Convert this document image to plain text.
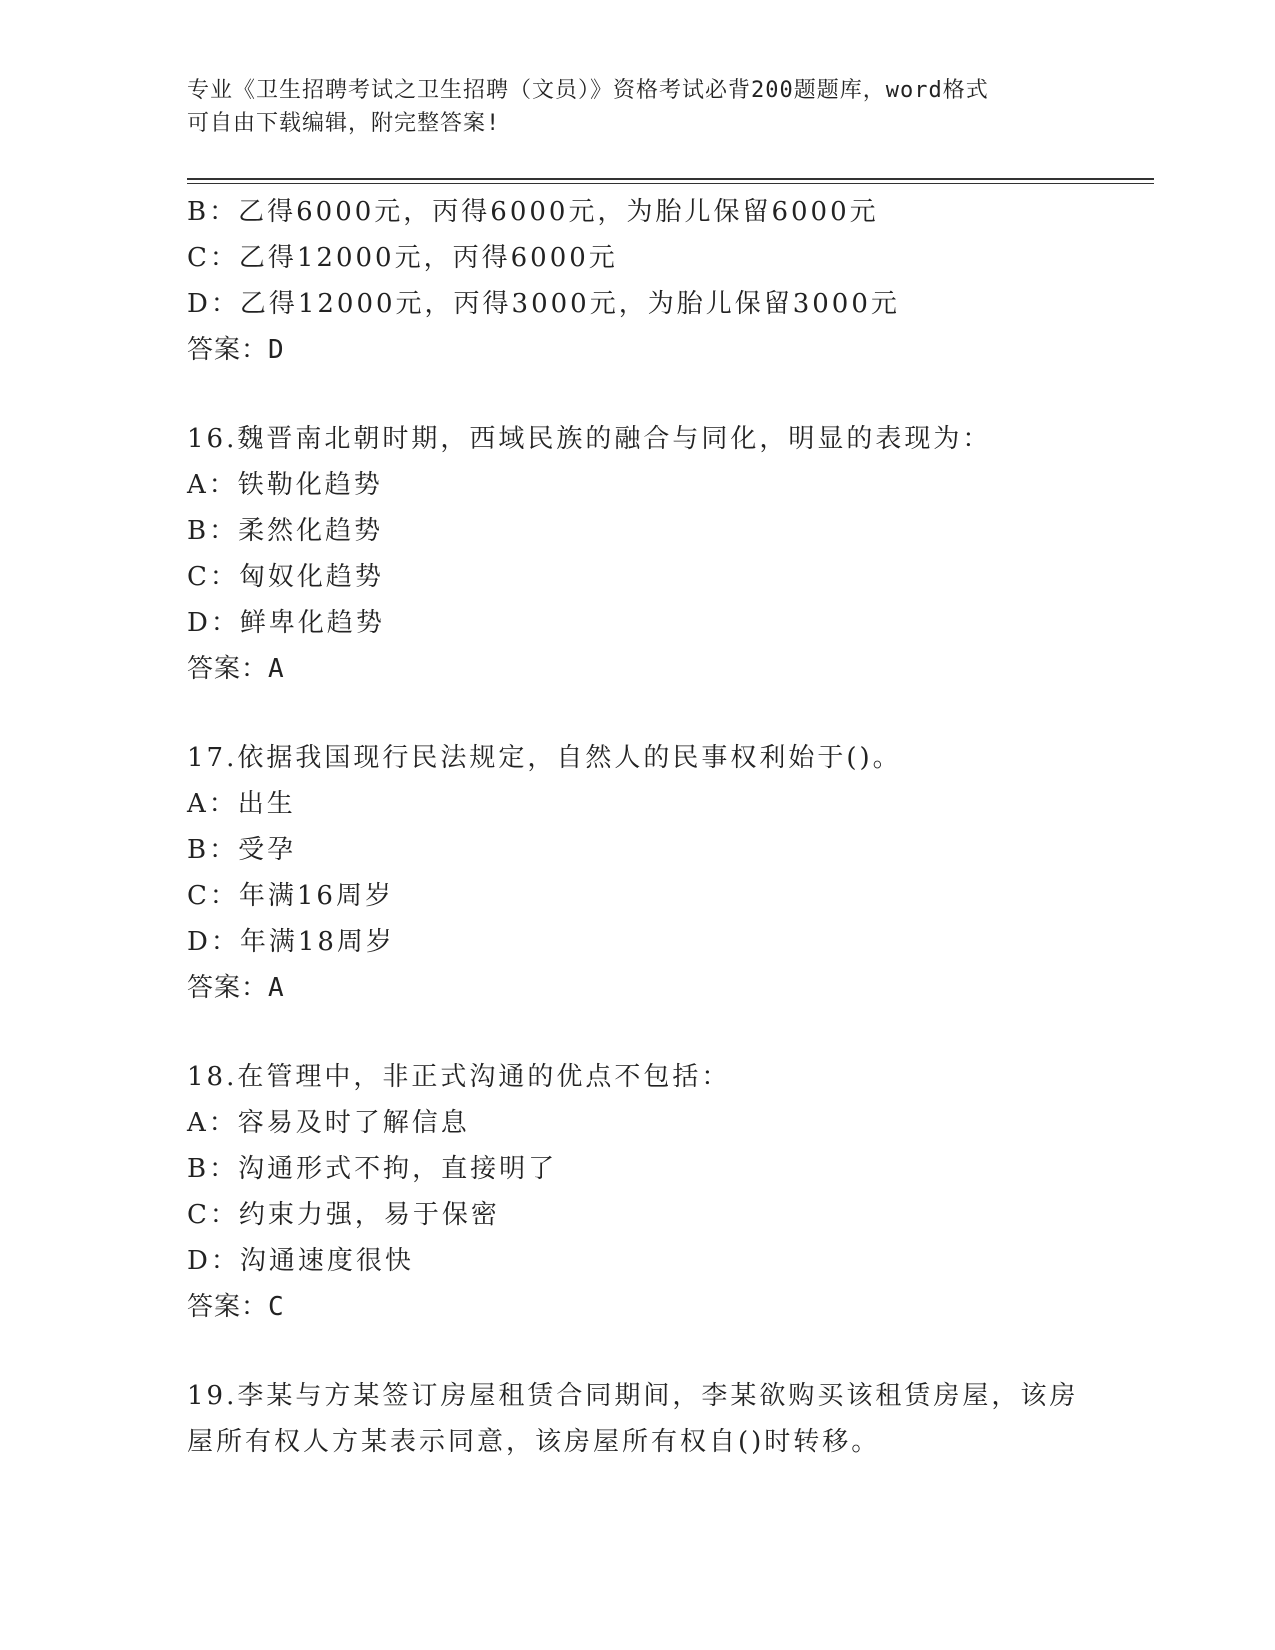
专业《卫生招聘考试之卫生招聘（文员）》资格考试必背200题题库，word格式
可自由下载编辑，附完整答案!
B：乙得6000元，丙得6000元，为胎儿保留6000元
C：乙得12000元，丙得6000元
D：乙得12000元，丙得3000元，为胎儿保留3000元
答案：D
16.魏晋南北朝时期，西域民族的融合与同化，明显的表现为：
A：铁勒化趋势
B：柔然化趋势
C：匈奴化趋势
D：鲜卑化趋势
答案：A
17.依据我国现行民法规定，自然人的民事权利始于()。
A：出生
B：受孕
C：年满16周岁
D：年满18周岁
答案：A
18.在管理中，非正式沟通的优点不包括：
A：容易及时了解信息
B：沟通形式不拘，直接明了
C：约束力强，易于保密
D：沟通速度很快
答案：C
19.李某与方某签订房屋租赁合同期间，李某欲购买该租赁房屋，该房
屋所有权人方某表示同意，该房屋所有权自()时转移。
